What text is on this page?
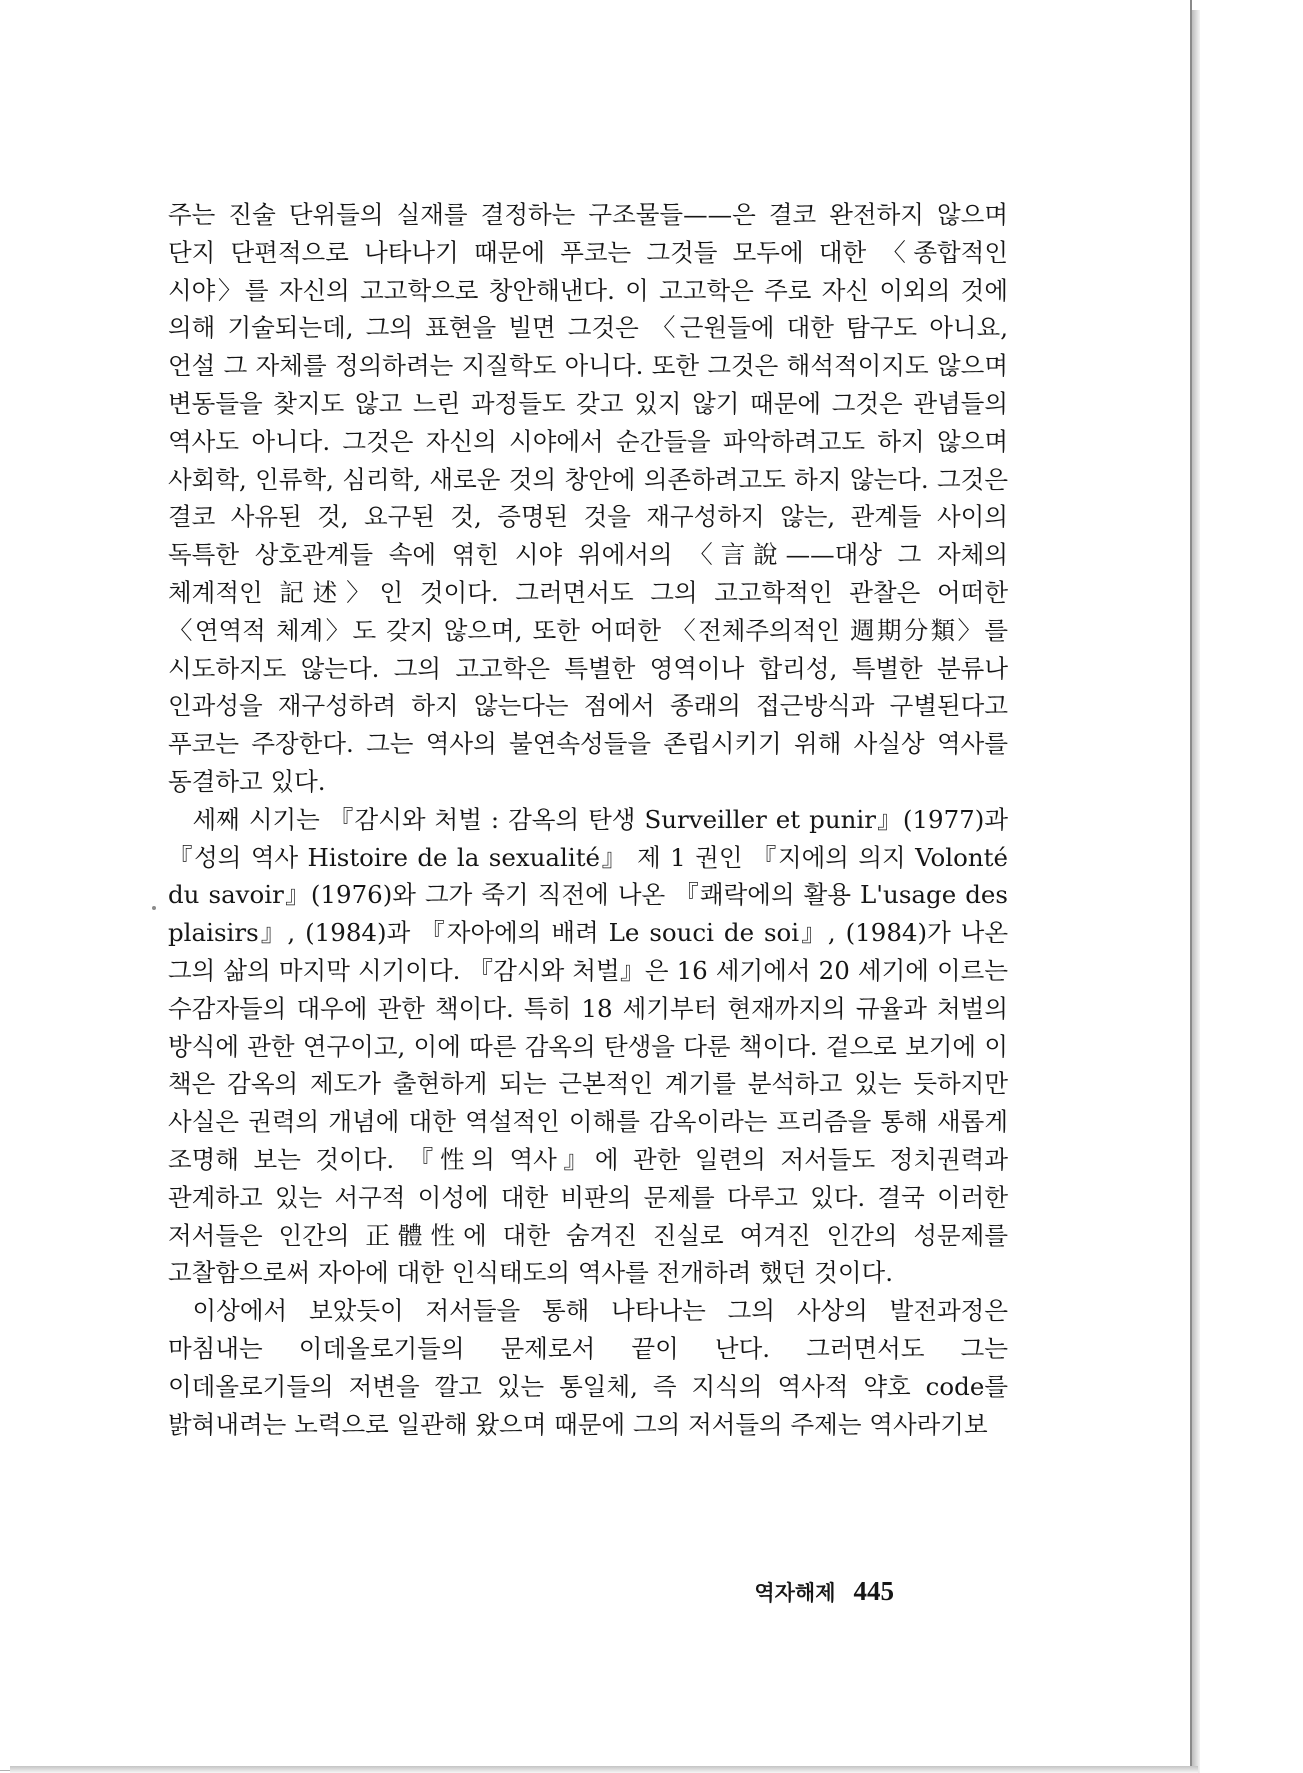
주는 진술 단위들의 실재를 결정하는 구조물들——은 결코 완전하지 않으며 단지 단편적으로 나타나기 때문에 푸코는 그것들 모두에 대한 〈종합적인 시야〉를 자신의 고고학으로 창안해낸다. 이 고고학은 주로 자신 이외의 것에 의해 기술되는데, 그의 표현을 빌면 그것은 〈근원들에 대한 탐구도 아니요, 언설 그 자체를 정의하려는 지질학도 아니다. 또한 그것은 해석적이지도 않으며 변동들을 찾지도 않고 느린 과정들도 갖고 있지 않기 때문에 그것은 관념들의 역사도 아니다. 그것은 자신의 시야에서 순간들을 파악하려고도 하지 않으며 사회학, 인류학, 심리학, 새로운 것의 창안에 의존하려고도 하지 않는다. 그것은 결코 사유된 것, 요구된 것, 증명된 것을 재구성하지 않는, 관계들 사이의 독특한 상호관계들 속에 엮힌 시야 위에서의 〈言說——대상 그 자체의 체계적인 記述〉인 것이다. 그러면서도 그의 고고학적인 관찰은 어떠한 〈연역적 체계〉도 갖지 않으며, 또한 어떠한 〈전체주의적인 週期分類〉를 시도하지도 않는다. 그의 고고학은 특별한 영역이나 합리성, 특별한 분류나 인과성을 재구성하려 하지 않는다는 점에서 종래의 접근방식과 구별된다고 푸코는 주장한다. 그는 역사의 불연속성들을 존립시키기 위해 사실상 역사를 동결하고 있다.

세째 시기는 『감시와 처벌 : 감옥의 탄생 Surveiller et punir』(1977)과 『성의 역사 Histoire de la sexualité』 제 1 권인 『지에의 의지 Volonté du savoir』(1976)와 그가 죽기 직전에 나온 『쾌락에의 활용 L'usage des plaisirs』, (1984)과 『자아에의 배려 Le souci de soi』, (1984)가 나온 그의 삶의 마지막 시기이다. 『감시와 처벌』은 16 세기에서 20 세기에 이르는 수감자들의 대우에 관한 책이다. 특히 18 세기부터 현재까지의 규율과 처벌의 방식에 관한 연구이고, 이에 따른 감옥의 탄생을 다룬 책이다. 겉으로 보기에 이 책은 감옥의 제도가 출현하게 되는 근본적인 계기를 분석하고 있는 듯하지만 사실은 권력의 개념에 대한 역설적인 이해를 감옥이라는 프리즘을 통해 새롭게 조명해 보는 것이다. 『性의 역사』에 관한 일련의 저서들도 정치권력과 관계하고 있는 서구적 이성에 대한 비판의 문제를 다루고 있다. 결국 이러한 저서들은 인간의 正體性에 대한 숨겨진 진실로 여겨진 인간의 성문제를 고찰함으로써 자아에 대한 인식태도의 역사를 전개하려 했던 것이다.

이상에서 보았듯이 저서들을 통해 나타나는 그의 사상의 발전과정은 마침내는 이데올로기들의 문제로서 끝이 난다. 그러면서도 그는 이데올로기들의 저변을 깔고 있는 통일체, 즉 지식의 역사적 약호 code를 밝혀내려는 노력으로 일관해 왔으며 때문에 그의 저서들의 주제는 역사라기보

역자해제 445
